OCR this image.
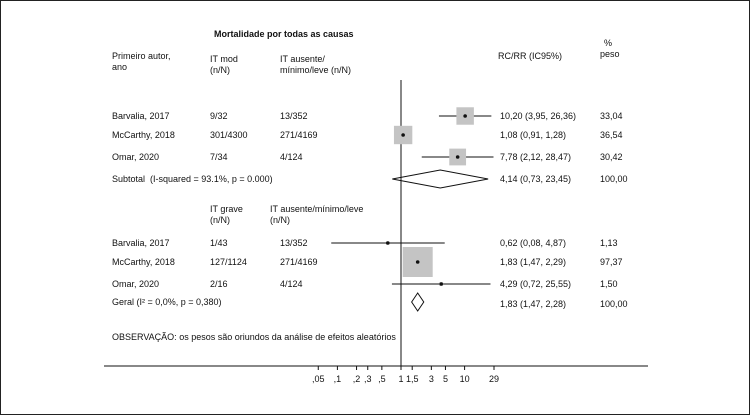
Mortalidade por todas as causas
Primeiro autor,
ano
IT mod
(n/N)
IT ausente/
mínimo/leve (n/N)
RC/RR (IC95%)
%
peso
Barvalia, 2017	9/32	13/352	10,20 (3,95, 26,36)	33,04
McCarthy, 2018	301/4300	271/4169	1,08 (0,91, 1,28)	36,54
Omar, 2020	7/34	4/124	7,78 (2,12, 28,47)	30,42
Subtotal  (I-squared = 93.1%, p = 0.000)	4,14 (0,73, 23,45)	100,00
IT grave
(n/N)
IT ausente/mínimo/leve
(n/N)
Barvalia, 2017	1/43	13/352	0,62 (0,08, 4,87)	1,13
McCarthy, 2018	127/1124	271/4169	1,83 (1,47, 2,29)	97,37
Omar, 2020	2/16	4/124	4,29 (0,72, 25,55)	1,50
Geral (I² = 0,0%, p = 0,380)	1,83 (1,47, 2,28)	100,00
OBSERVAÇÃO: os pesos são oriundos da análise de efeitos aleatórios
,05 ,1 ,2 ,3 ,5 1 1,5 3 5 10 29
